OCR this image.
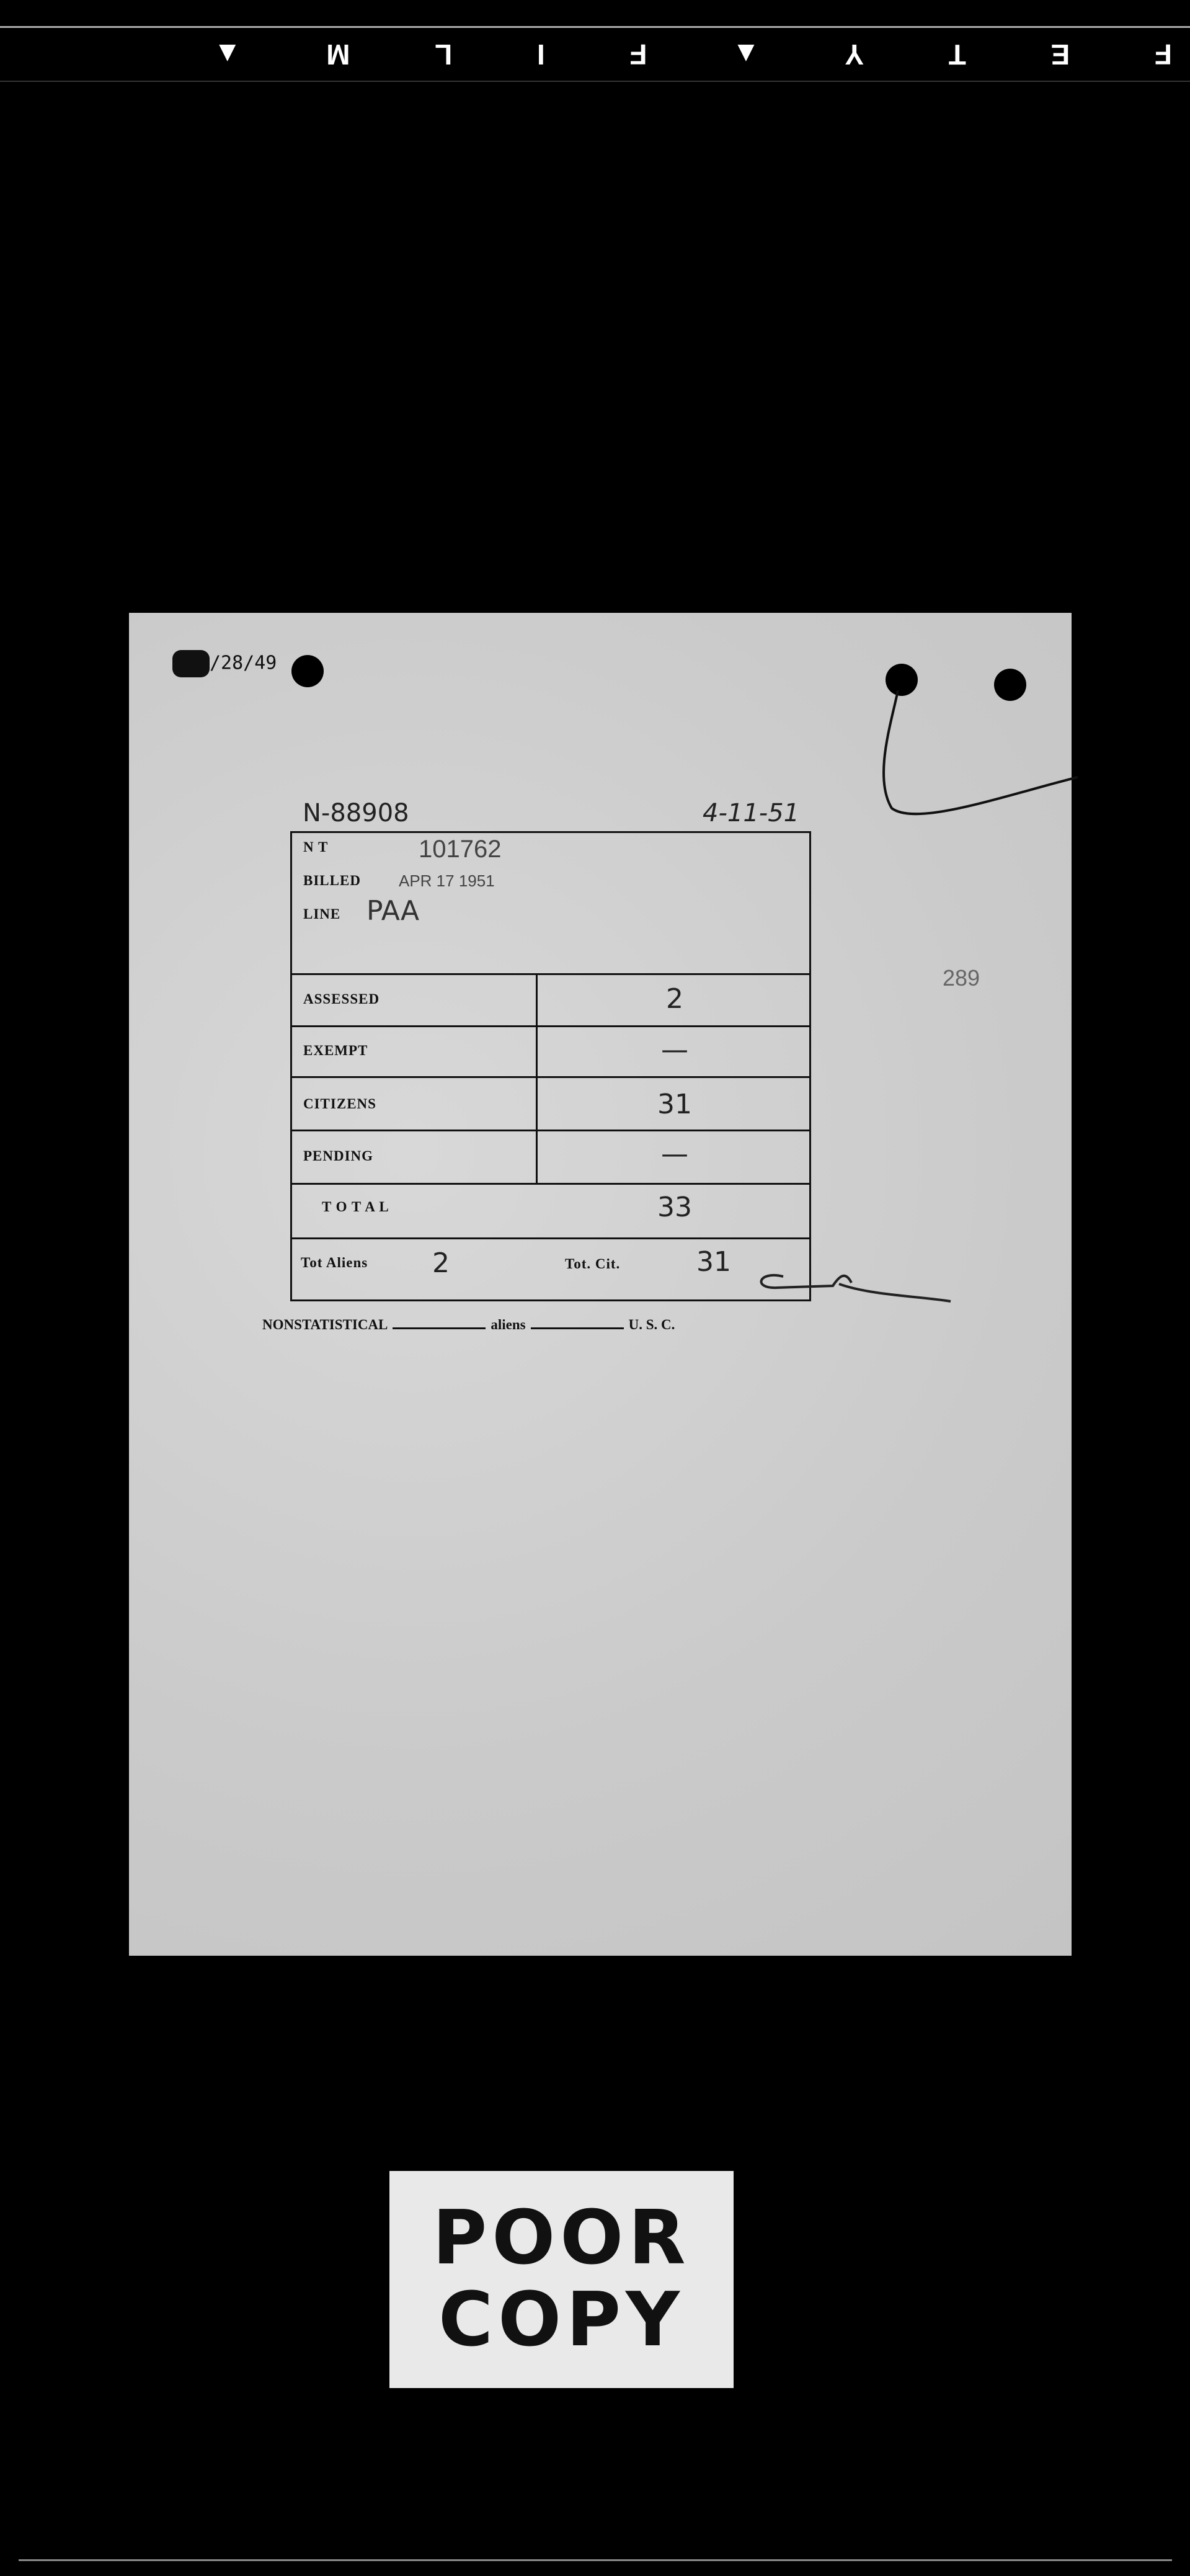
F
E
T
Y
▲
F
I
L
M
▲
/28/49
N-88908	4-11-51
289
N T	101762
BILLED APR 17 1951
LINE PAA
ASSESSED	2
EXEMPT	—
CITIZENS	31
PENDING	—
T O T A L	33
Tot Aliens	2	Tot. Cit.	31
NONSTATISTICAL	aliens	U. S. C.
POOR
COPY
